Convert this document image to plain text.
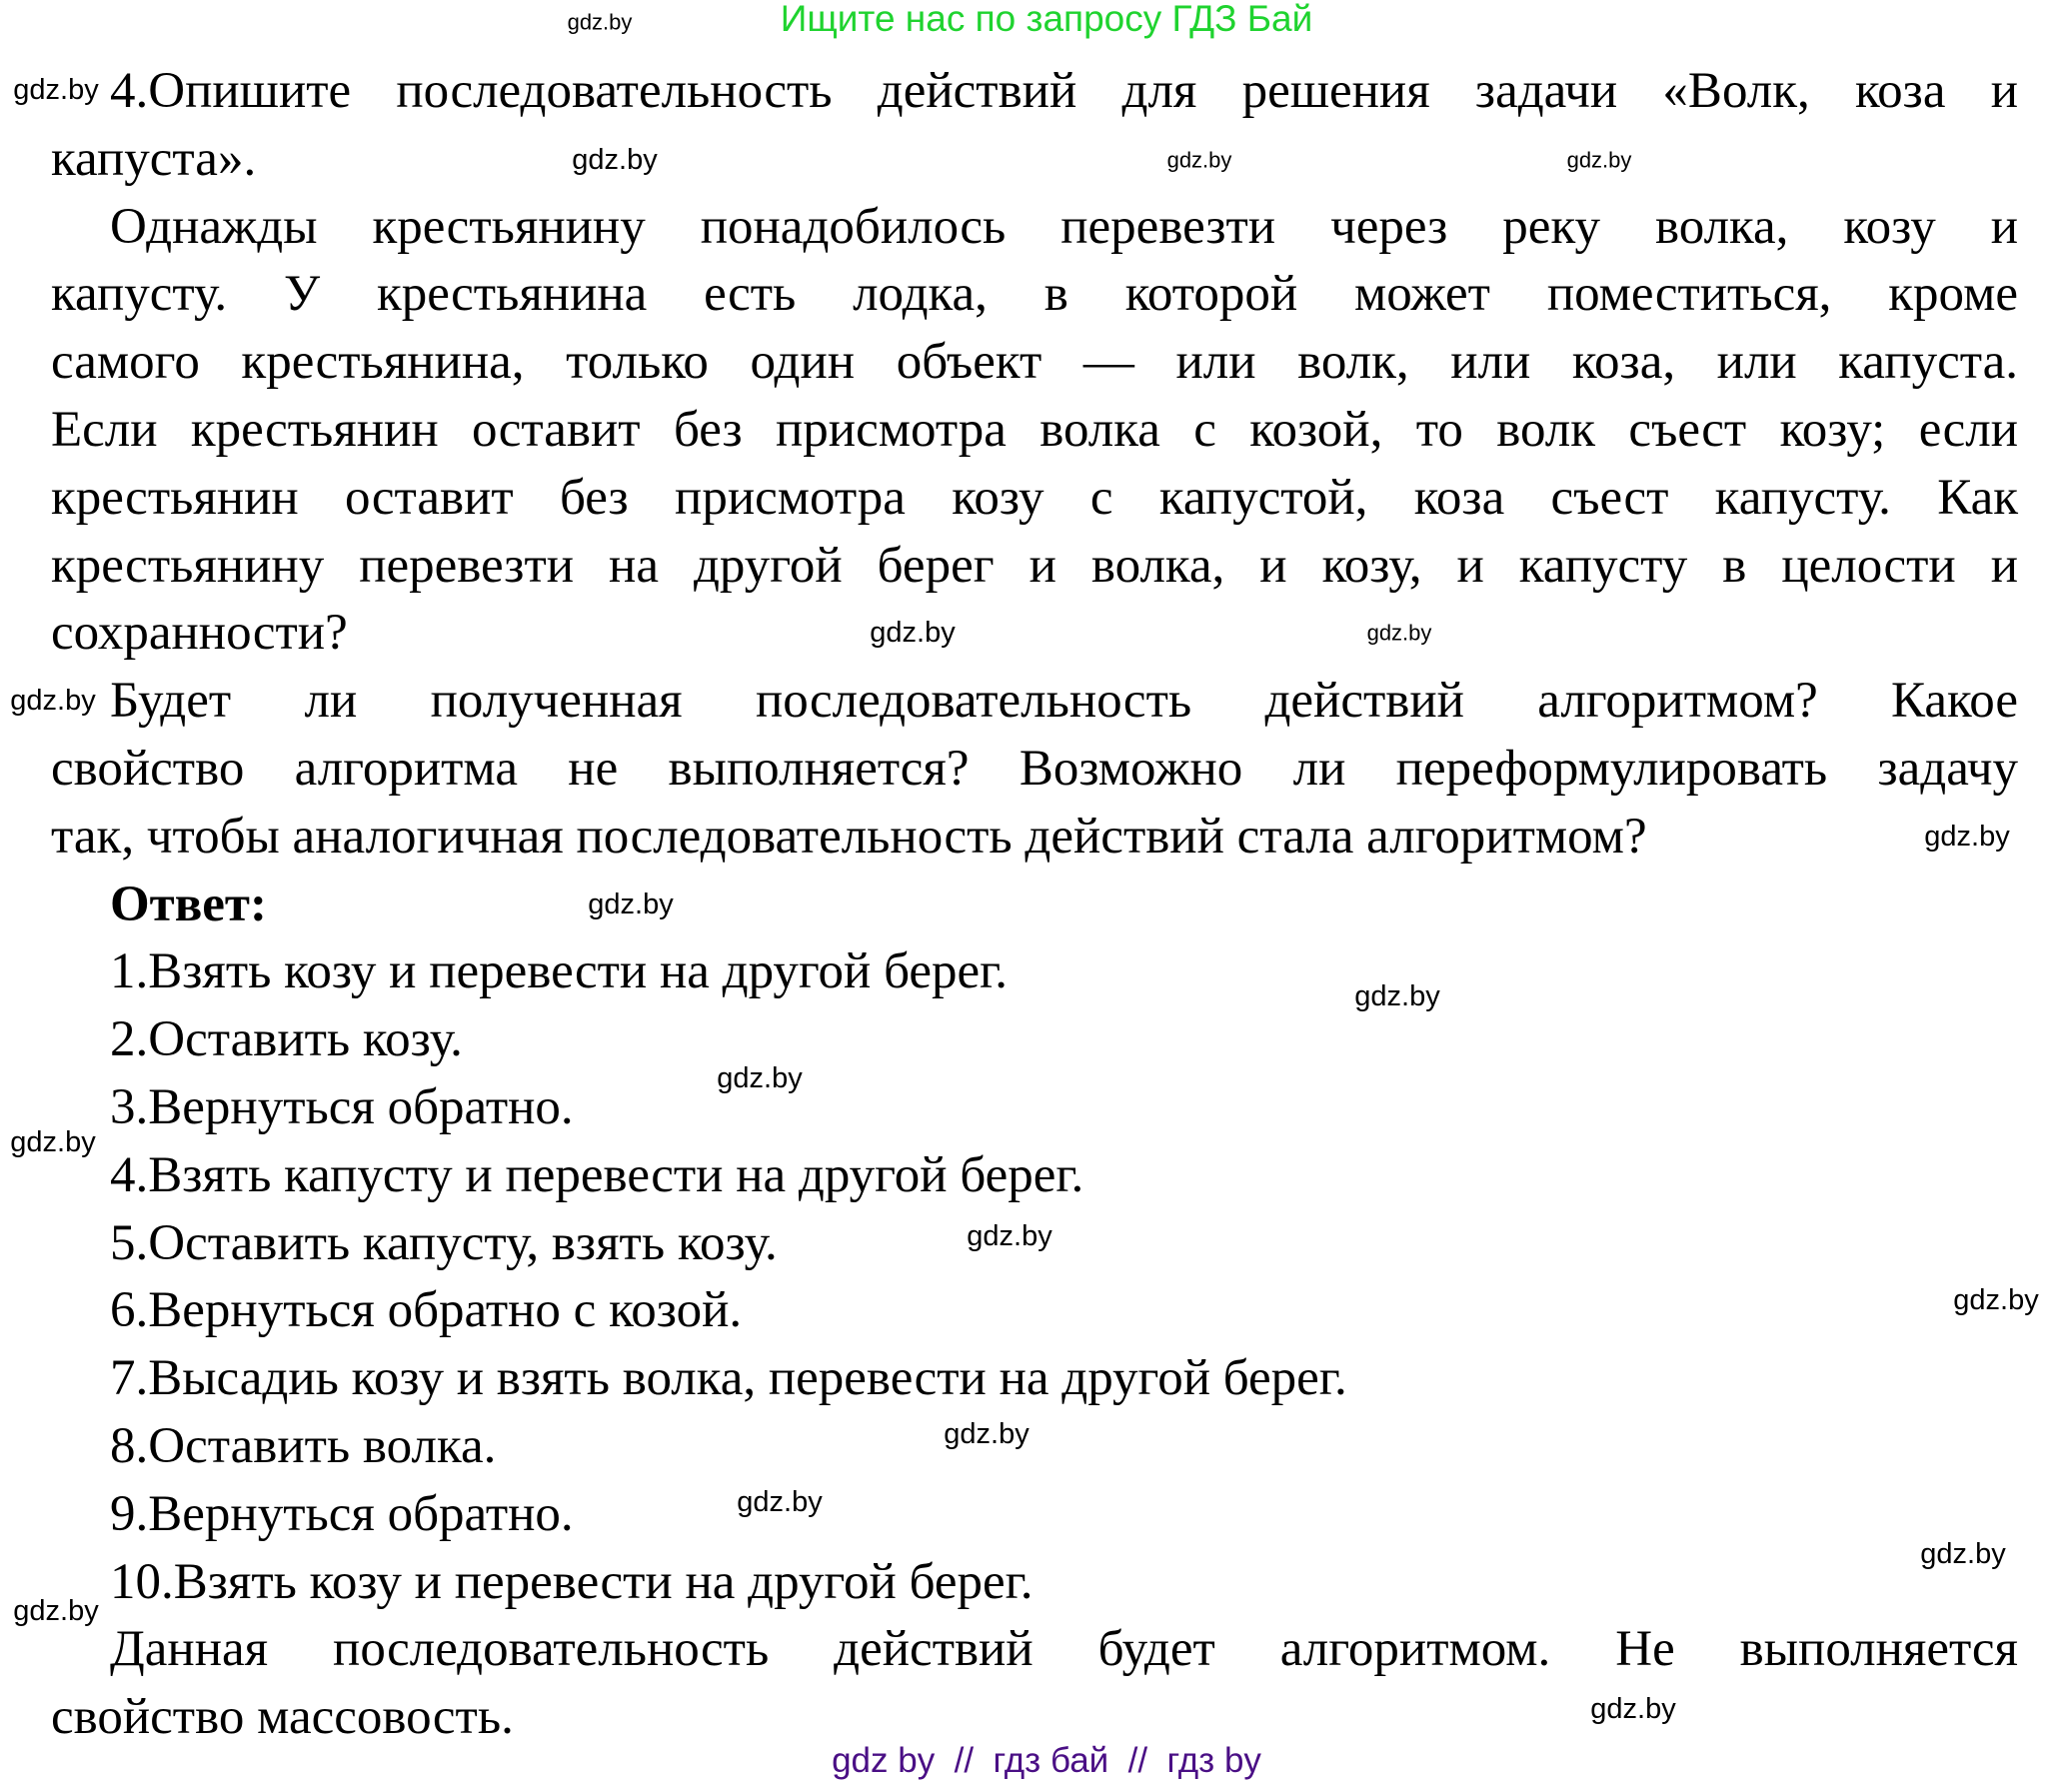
Ищите нас по запросу ГДЗ Бай
4.Опишите последовательность действий для решения задачи «Волк, коза и
капуста».
Однажды крестьянину понадобилось перевезти через реку волка, козу и
капусту. У крестьянина есть лодка, в которой может поместиться, кроме
самого крестьянина, только один объект — или волк, или коза, или капуста.
Если крестьянин оставит без присмотра волка с козой, то волк съест козу; если
крестьянин оставит без присмотра козу с капустой, коза съест капусту. Как
крестьянину перевезти на другой берег и волка, и козу, и капусту в целости и
сохранности?
Будет ли полученная последовательность действий алгоритмом? Какое
свойство алгоритма не выполняется? Возможно ли переформулировать задачу
так, чтобы аналогичная последовательность действий стала алгоритмом?
Ответ:
1.Взять козу и перевести на другой берег.
2.Оставить козу.
3.Вернуться обратно.
4.Взять капусту и перевести на другой берег.
5.Оставить капусту, взять козу.
6.Вернуться обратно с козой.
7.Высадиь козу и взять волка, перевести на другой берег.
8.Оставить волка.
9.Вернуться обратно.
10.Взять козу и перевести на другой берег.
Данная последовательность действий будет алгоритмом. Не выполняется
свойство массовость.
gdz.by
gdz.by
gdz.by	gdz.by
gdz.by
gdz.by
gdz.by
gdz.by
gdz.by
gdz.by
gdz.by
gdz.by
gdz.by
gdz.by
gdz.by
gdz.by
gdz.by
gdz.by
gdz.by
gdz.by
gdz by  //  гдз бай  //  гдз by
